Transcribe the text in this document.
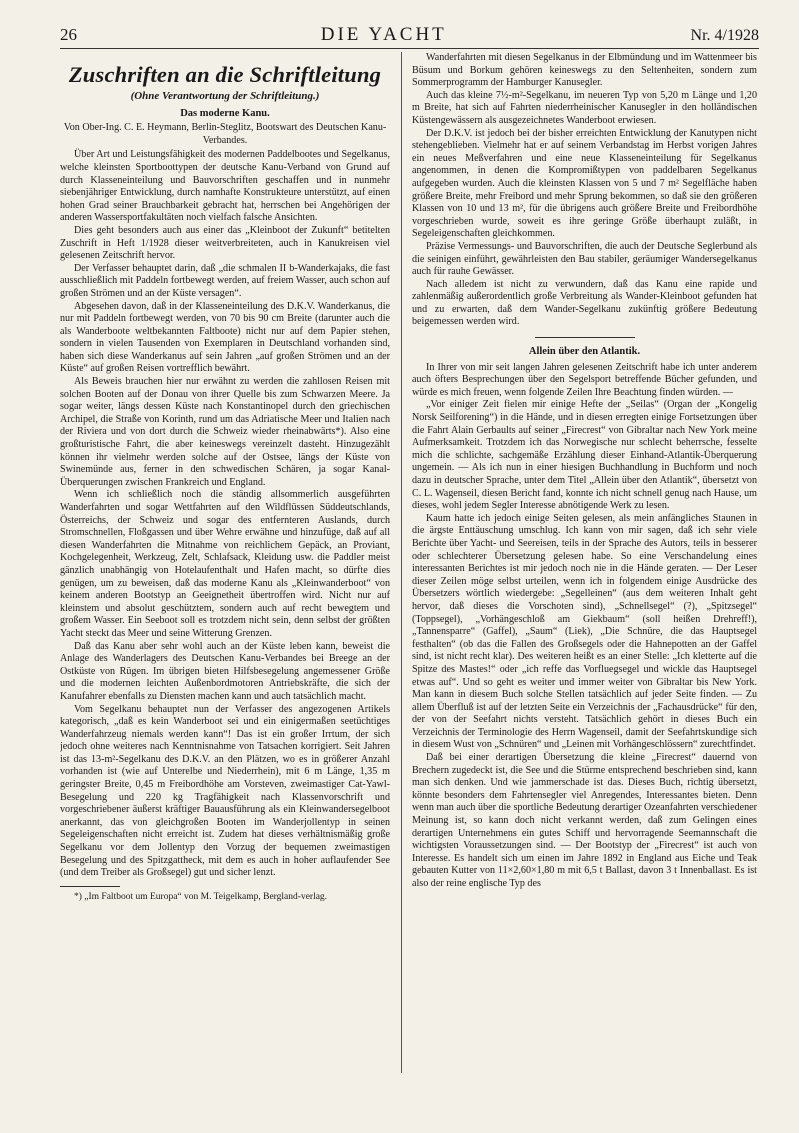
26	DIE YACHT	Nr. 4/1928
Zuschriften an die Schriftleitung
(Ohne Verantwortung der Schriftleitung.)
Das moderne Kanu.
Von Ober-Ing. C. E. Heymann, Berlin-Steglitz, Bootswart des Deutschen Kanu-Verbandes.

Über Art und Leistungsfähigkeit des modernen Paddelbootes und Segelkanus, welche kleinsten Sportboottypen der deutsche Kanu-Verband von Grund auf durch Klasseneinteilung und Bauvorschriften geschaffen und in nunmehr siebenjähriger Entwicklung, durch namhafte Konstrukteure unterstützt, auf einen hohen Grad seiner Brauchbarkeit gebracht hat, herrschen bei Angehörigen der anderen Wassersportfakultäten noch vielfach falsche Ansichten.

Dies geht besonders auch aus einer das „Kleinboot der Zukunft“ betitelten Zuschrift in Heft 1/1928 dieser weitverbreiteten, auch in Kanukreisen viel gelesenen Zeitschrift hervor.

Der Verfasser behauptet darin, daß „die schmalen II b-Wanderkajaks, die fast ausschließlich mit Paddeln fortbewegt werden, auf freiem Wasser, auch schon auf großen Strömen und an der Küste versagen“.

Abgesehen davon, daß in der Klasseneinteilung des D.K.V. Wanderkanus, die nur mit Paddeln fortbewegt werden, von 70 bis 90 cm Breite (darunter auch die als Wanderboote weltbekannten Faltboote) nicht nur auf dem Papier stehen, sondern in vielen Tausenden von Exemplaren in Deutschland vorhanden sind, haben sich diese Wanderkanus auf sein Jahren „auf großen Strömen und an der Küste“ auf großen Reisen vortrefflich bewährt.

Als Beweis brauchen hier nur erwähnt zu werden die zahllosen Reisen mit solchen Booten auf der Donau von ihrer Quelle bis zum Schwarzen Meere. Ja sogar weiter, längs dessen Küste nach Konstantinopel durch den griechischen Archipel, die Straße von Korinth, rund um das Adriatische Meer und Italien nach der Riviera und von dort durch die Schweiz wieder rheinabwärts*). Also eine großturistische Fahrt, die aber keineswegs vereinzelt dasteht. Hinzugezählt können ihr vielmehr werden solche auf der Ostsee, längs der Küste von Swinemünde aus, ferner in den schwedischen Schären, ja sogar Kanal-Überquerungen zwischen Frankreich und England.

Wenn ich schließlich noch die ständig allsommerlich ausgeführten Wanderfahrten und sogar Wettfahrten auf den Wildflüssen Süddeutschlands, Österreichs, der Schweiz und sogar des entfernteren Auslands, durch Stromschnellen, Floßgassen und über Wehre erwähne und hinzufüge, daß auf all diesen Wanderfahrten die Mitnahme von reichlichem Gepäck, an Proviant, Kochgelegenheit, Werkzeug, Zelt, Schlafsack, Kleidung usw. die Paddler meist gänzlich unabhängig von Hotelaufenthalt und Hafen macht, so dürfte dies genügen, um zu beweisen, daß das moderne Kanu als „Kleinwanderboot“ von keinem anderen Bootstyp an Geeignetheit übertroffen wird. Nicht nur auf kleinstem und absolut geschütztem, sondern auch auf recht bewegtem und großem Wasser. Ein Seeboot soll es trotzdem nicht sein, denn selbst der größten Yacht steckt das Meer und seine Witterung Grenzen.

Daß das Kanu aber sehr wohl auch an der Küste leben kann, beweist die Anlage des Wanderlagers des Deutschen Kanu-Verbandes bei Breege an der Ostküste von Rügen. Im übrigen bieten Hilfsbesegelung angemessener Größe und die modernen leichten Außenbordmotoren Antriebskräfte, die sich der Kanufahrer ebenfalls zu Diensten machen kann und auch tatsächlich macht.

Vom Segelkanu behauptet nun der Verfasser des angezogenen Artikels kategorisch, „daß es kein Wanderboot sei und ein einigermaßen seetüchtiges Wanderfahrzeug niemals werden kann“! Das ist ein großer Irrtum, der sich jedoch ohne weiteres nach Kenntnisnahme von Tatsachen korrigiert. Seit Jahren ist das 13-m²-Segelkanu des D.K.V. an den Plätzen, wo es in größerer Anzahl vorhanden ist (wie auf Unterelbe und Niederrhein), mit 6 m Länge, 1,35 m geringster Breite, 0,45 m Freibordhöhe am Vorsteven, zweimastiger Cat-Yawl-Besegelung und 220 kg Tragfähigkeit nach Klassenvorschrift und vorgeschriebener äußerst kräftiger Bauausführung als ein Kleinwandersegelboot anerkannt, das von gleichgroßen Booten im Wanderjollentyp in seinen Segeleigenschaften nicht erreicht ist. Zudem hat dieses verhältnismäßig große Segelkanu vor dem Jollentyp den Vorzug der bequemen zweimastigen Besegelung und des Spitzgattheck, mit dem es auch in hoher auflaufender See (und dem Treiber als Großsegel) gut und sicher lenzt.

*) „Im Faltboot um Europa“ von M. Teigelkamp, Bergland-verlag.

Wanderfahrten mit diesen Segelkanus in der Elbmündung und im Wattenmeer bis Büsum und Borkum gehören keineswegs zu den Seltenheiten, sondern zum Sommerprogramm der Hamburger Kanusegler.

Auch das kleine 7½-m²-Segelkanu, im neueren Typ von 5,20 m Länge und 1,20 m Breite, hat sich auf Fahrten niederrheinischer Kanusegler in den holländischen Küstengewässern als ausgezeichnetes Wanderboot erwiesen.

Der D.K.V. ist jedoch bei der bisher erreichten Entwicklung der Kanutypen nicht stehengeblieben. Vielmehr hat er auf seinem Verbandstag im Herbst vorigen Jahres ein neues Meßverfahren und eine neue Klasseneinteilung für Segelkanus angenommen, in denen die Kompromißtypen von paddelbaren Segelkanus aufgegeben wurden. Auch die kleinsten Klassen von 5 und 7 m² Segelfläche haben größere Breite, mehr Freibord und mehr Sprung bekommen, so daß sie den größeren Klassen von 10 und 13 m², für die übrigens auch größere Breite und Freibordhöhe vorgeschrieben wurde, soweit es ihre geringe Größe überhaupt zuläßt, in Segeleigenschaften gleichkommen.

Präzise Vermessungs- und Bauvorschriften, die auch der Deutsche Seglerbund als die seinigen einführt, gewährleisten den Bau stabiler, geräumiger Wandersegelkanus auch für rauhe Gewässer.

Nach alledem ist nicht zu verwundern, daß das Kanu eine rapide und zahlenmäßig außerordentlich große Verbreitung als Wander-Kleinboot gefunden hat und zu erwarten, daß dem Wander-Segelkanu zukünftig größere Bedeutung beigemessen werden wird.

Allein über den Atlantik.

In Ihrer von mir seit langen Jahren gelesenen Zeitschrift habe ich unter anderem auch öfters Besprechungen über den Segelsport betreffende Bücher gefunden, und würde es mich freuen, wenn folgende Zeilen Ihre Beachtung finden würden. —

„Vor einiger Zeit fielen mir einige Hefte der „Seilas“ (Organ der „Kongelig Norsk Seilforening“) in die Hände, und in diesen erregten einige Fortsetzungen über die Fahrt Alain Gerbaults auf seiner „Firecrest“ von Gibraltar nach New York meine Aufmerksamkeit. Trotzdem ich das Norwegische nur schlecht beherrsche, fesselte mich die schlichte, sachgemäße Erzählung dieser Einhand-Atlantik-Überquerung ungemein. — Als ich nun in einer hiesigen Buchhandlung in Buchform und noch dazu in deutscher Sprache, unter dem Titel „Allein über den Atlantik“, übersetzt von C. L. Wagenseil, diesen Bericht fand, konnte ich nicht schnell genug nach Hause, um dieses, wohl jedem Segler Interesse abnötigende Werk zu lesen.

Kaum hatte ich jedoch einige Seiten gelesen, als mein anfängliches Staunen in die ärgste Enttäuschung umschlug. Ich kann von mir sagen, daß ich sehr viele Berichte über Yacht- und Seereisen, teils in der Sprache des Autors, teils in besserer oder schlechterer Übersetzung gelesen habe. So eine Verschandelung eines interessanten Berichtes ist mir jedoch noch nie in die Hände geraten. — Der Leser dieser Zeilen möge selbst urteilen, wenn ich in folgendem einige Ausdrücke des Übersetzers wörtlich wiedergebe: „Segelleinen“ (aus dem weiteren Inhalt geht hervor, daß dieses die Vorschoten sind), „Schnellsegel“ (?), „Spitzsegel“ (Toppsegel), „Vorhängeschloß am Giekbaum“ (soll heißen Drehreff!), „Tannensparre“ (Gaffel), „Saum“ (Liek), „Die Schnüre, die das Hauptsegel festhalten“ (ob das die Fallen des Großsegels oder die Hahnepotten an der Gaffel sind, ist nicht recht klar). Des weiteren heißt es an einer Stelle: „Ich kletterte auf die Spitze des Mastes!“ oder „ich reffe das Vorfluegsegel und wickle das Hauptsegel etwas auf“. Und so geht es weiter und immer weiter von Gibraltar bis New York. Man kann in diesem Buch solche Stellen tatsächlich auf jeder Seite finden. — Zu allem Überfluß ist auf der letzten Seite ein Verzeichnis der „Fachausdrücke“ für den, der von der Seefahrt nichts versteht. Tatsächlich gehört in dieses Buch ein Verzeichnis der Terminologie des Herrn Wagenseil, damit der Seefahrtskundige sich in diesem Wust von „Schnüren“ und „Leinen mit Vorhängeschlössern“ zurechtfindet.

Daß bei einer derartigen Übersetzung die kleine „Firecrest“ dauernd von Brechern zugedeckt ist, die See und die Stürme entsprechend beschrieben sind, kann man sich denken. Und wie jammerschade ist das. Dieses Buch, richtig übersetzt, könnte besonders dem Fahrtensegler viel Anregendes, Interessantes bieten. Denn wenn man auch über die sportliche Bedeutung derartiger Ozeanfahrten verschiedener Meinung ist, so kann doch nicht verkannt werden, daß zum Gelingen eines derartigen Unternehmens ein gutes Schiff und hervorragende Seemannschaft die wichtigsten Voraussetzungen sind. — Der Bootstyp der „Firecrest“ ist auch von Interesse. Es handelt sich um einen im Jahre 1892 in England aus Eiche und Teak gebauten Kutter von 11×2,60×1,80 m mit 6,5 t Ballast, davon 3 t Innenballast. Es ist also der reine englische Typ des
